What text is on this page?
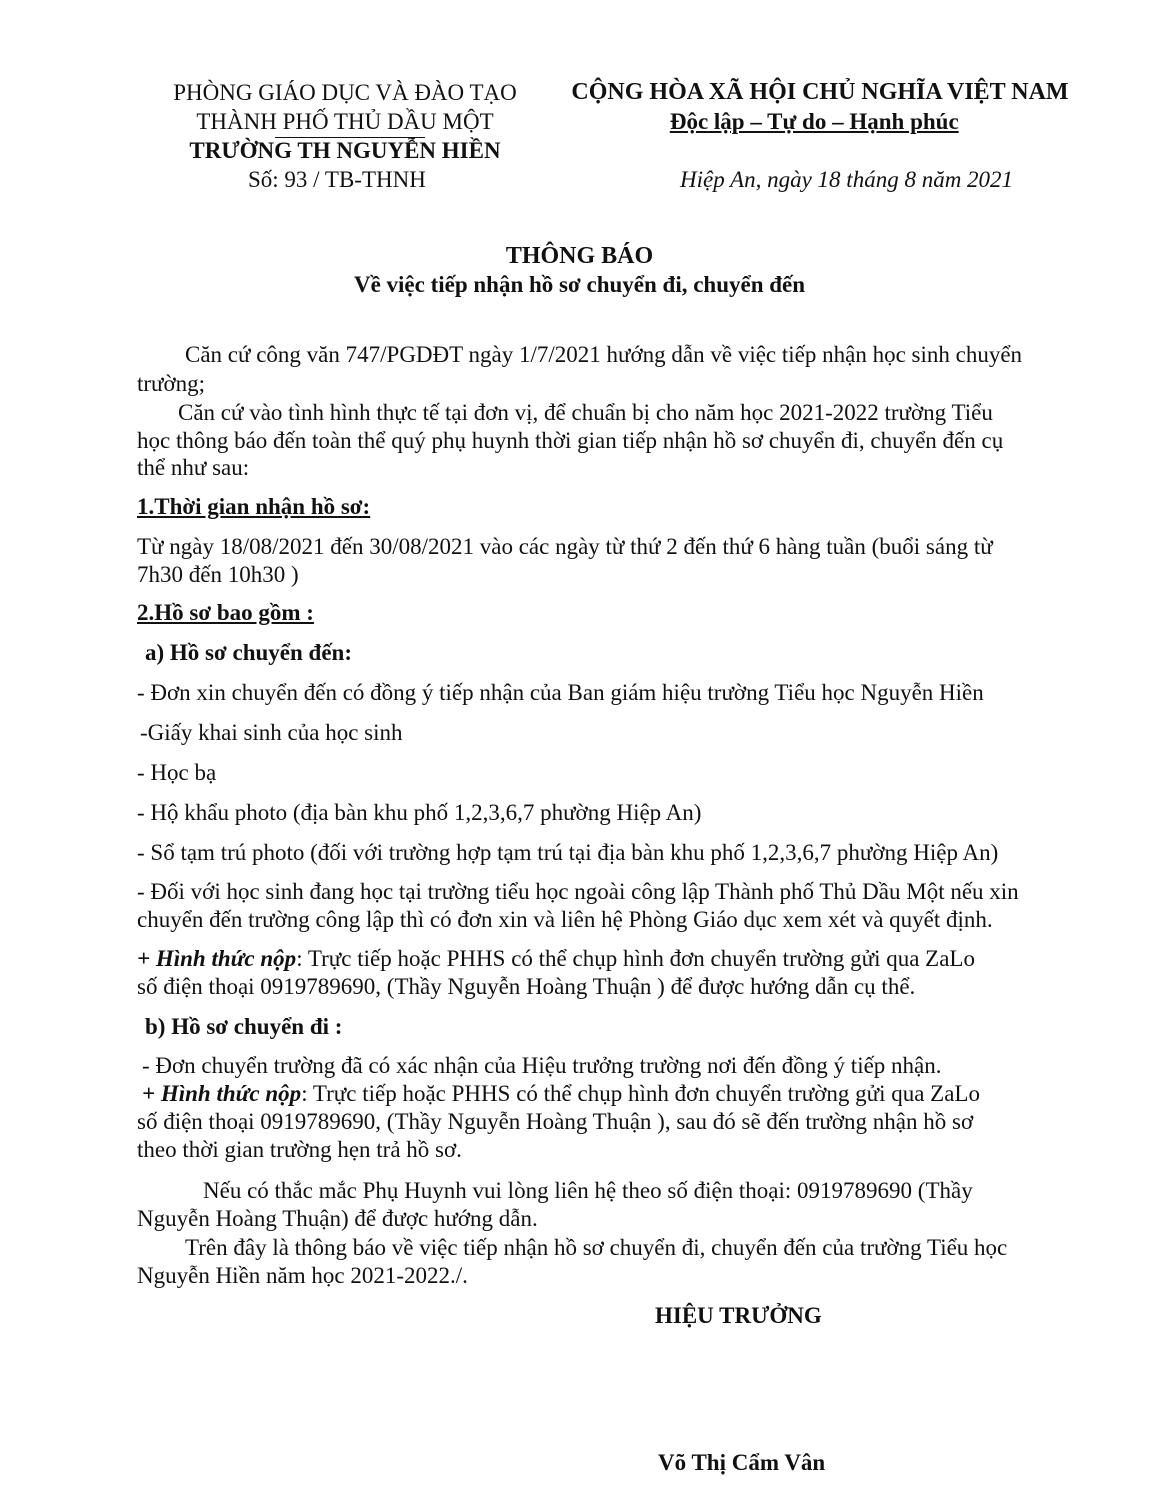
PHÒNG GIÁO DỤC VÀ ĐÀO TẠO
THÀNH PHỐ THỦ DẦU MỘT
TRƯỜNG TH NGUYỄN HIỀN
Số: 93 / TB-THNH
CỘNG HÒA XÃ HỘI CHỦ NGHĨA VIỆT NAM
Độc lập – Tự do – Hạnh phúc
Hiệp An, ngày 18 tháng 8 năm 2021
THÔNG BÁO
Về việc tiếp nhận hồ sơ chuyển đi, chuyển đến
Căn cứ công văn 747/PGDĐT ngày 1/7/2021 hướng dẫn về việc tiếp nhận học sinh chuyển
trường;
Căn cứ vào tình hình thực tế tại đơn vị, để chuẩn bị cho năm học 2021-2022 trường Tiểu
học thông báo đến toàn thể quý phụ huynh thời gian tiếp nhận hồ sơ chuyển đi, chuyển đến cụ
thể như sau:
1.Thời gian nhận hồ sơ:
Từ ngày 18/08/2021 đến 30/08/2021 vào các ngày từ thứ 2 đến thứ 6 hàng tuần (buổi sáng từ
7h30 đến 10h30 )
2.Hồ sơ bao gồm :
a) Hồ sơ chuyển đến:
- Đơn xin chuyển đến có đồng ý tiếp nhận của Ban giám hiệu trường Tiểu học Nguyễn Hiền
-Giấy khai sinh của học sinh
- Học bạ
- Hộ khẩu photo (địa bàn khu phố 1,2,3,6,7 phường Hiệp An)
- Sổ tạm trú photo (đối với trường hợp tạm trú tại địa bàn khu phố 1,2,3,6,7 phường Hiệp An)
- Đối với học sinh đang học tại trường tiểu học ngoài công lập Thành phố Thủ Dầu Một nếu xin
chuyển đến trường công lập thì có đơn xin và liên hệ Phòng Giáo dục xem xét và quyết định.
+ Hình thức nộp: Trực tiếp hoặc PHHS có thể chụp hình đơn chuyển trường gửi qua ZaLo
số điện thoại 0919789690, (Thầy Nguyễn Hoàng Thuận ) để được hướng dẫn cụ thể.
b) Hồ sơ chuyển đi :
- Đơn chuyển trường đã có xác nhận của Hiệu trưởng trường nơi đến đồng ý tiếp nhận.
+ Hình thức nộp: Trực tiếp hoặc PHHS có thể chụp hình đơn chuyển trường gửi qua ZaLo
số điện thoại 0919789690, (Thầy Nguyễn Hoàng Thuận ), sau đó sẽ đến trường nhận hồ sơ
theo thời gian trường hẹn trả hồ sơ.
Nếu có thắc mắc Phụ Huynh vui lòng liên hệ theo số điện thoại: 0919789690 (Thầy
Nguyễn Hoàng Thuận) để được hướng dẫn.
Trên đây là thông báo về việc tiếp nhận hồ sơ chuyển đi, chuyển đến của trường Tiểu học
Nguyễn Hiền năm học 2021-2022./.
HIỆU TRƯỞNG
Võ Thị Cẩm Vân
